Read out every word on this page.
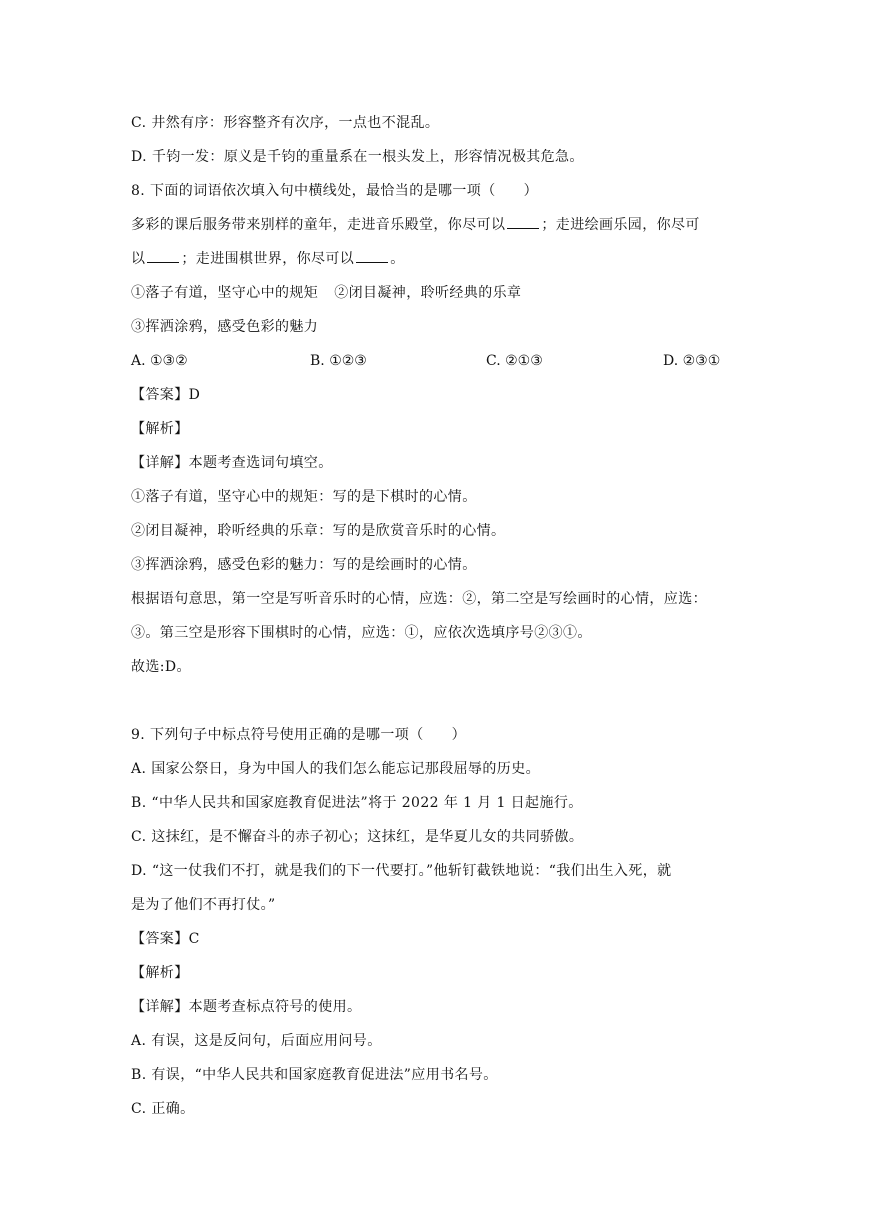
C. 井然有序：形容整齐有次序，一点也不混乱。
D. 千钧一发：原义是千钧的重量系在一根头发上，形容情况极其危急。
8. 下面的词语依次填入句中横线处，最恰当的是哪一项（ ）
多彩的课后服务带来别样的童年，走进音乐殿堂，你尽可以	；走进绘画乐园，你尽可
以	；走进围棋世界，你尽可以	。
①落子有道，坚守心中的规矩 ②闭目凝神，聆听经典的乐章
③挥洒涂鸦，感受色彩的魅力
A. ①③②	B. ①②③	C. ②①③	D. ②③①
【答案】D
【解析】
【详解】本题考查选词句填空。
①落子有道，坚守心中的规矩：写的是下棋时的心情。
②闭目凝神，聆听经典的乐章：写的是欣赏音乐时的心情。
③挥洒涂鸦，感受色彩的魅力：写的是绘画时的心情。
根据语句意思，第一空是写听音乐时的心情，应选：②，第二空是写绘画时的心情，应选：
③。第三空是形容下围棋时的心情，应选：①，应依次选填序号②③①。
故选:D。
9. 下列句子中标点符号使用正确的是哪一项（ ）
A. 国家公祭日，身为中国人的我们怎么能忘记那段屈辱的历史。
B. “中华人民共和国家庭教育促进法”将于 2022 年 1 月 1 日起施行。
C. 这抹红，是不懈奋斗的赤子初心；这抹红，是华夏儿女的共同骄傲。
D. “这一仗我们不打，就是我们的下一代要打。”他斩钉截铁地说：“我们出生入死，就
是为了他们不再打仗。”
【答案】C
【解析】
【详解】本题考查标点符号的使用。
A. 有误，这是反问句，后面应用问号。
B. 有误，“中华人民共和国家庭教育促进法”应用书名号。
C. 正确。
